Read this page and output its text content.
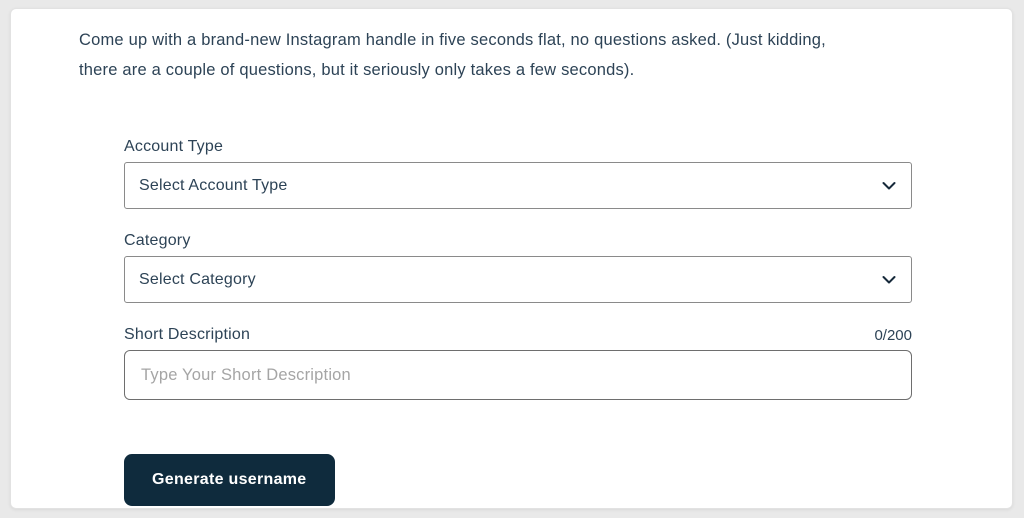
Come up with a brand-new Instagram handle in five seconds flat, no questions asked. (Just kidding,
there are a couple of questions, but it seriously only takes a few seconds).

Account Type
Select Account Type
Category
Select Category
Short Description	0/200
Type Your Short Description
Generate username
